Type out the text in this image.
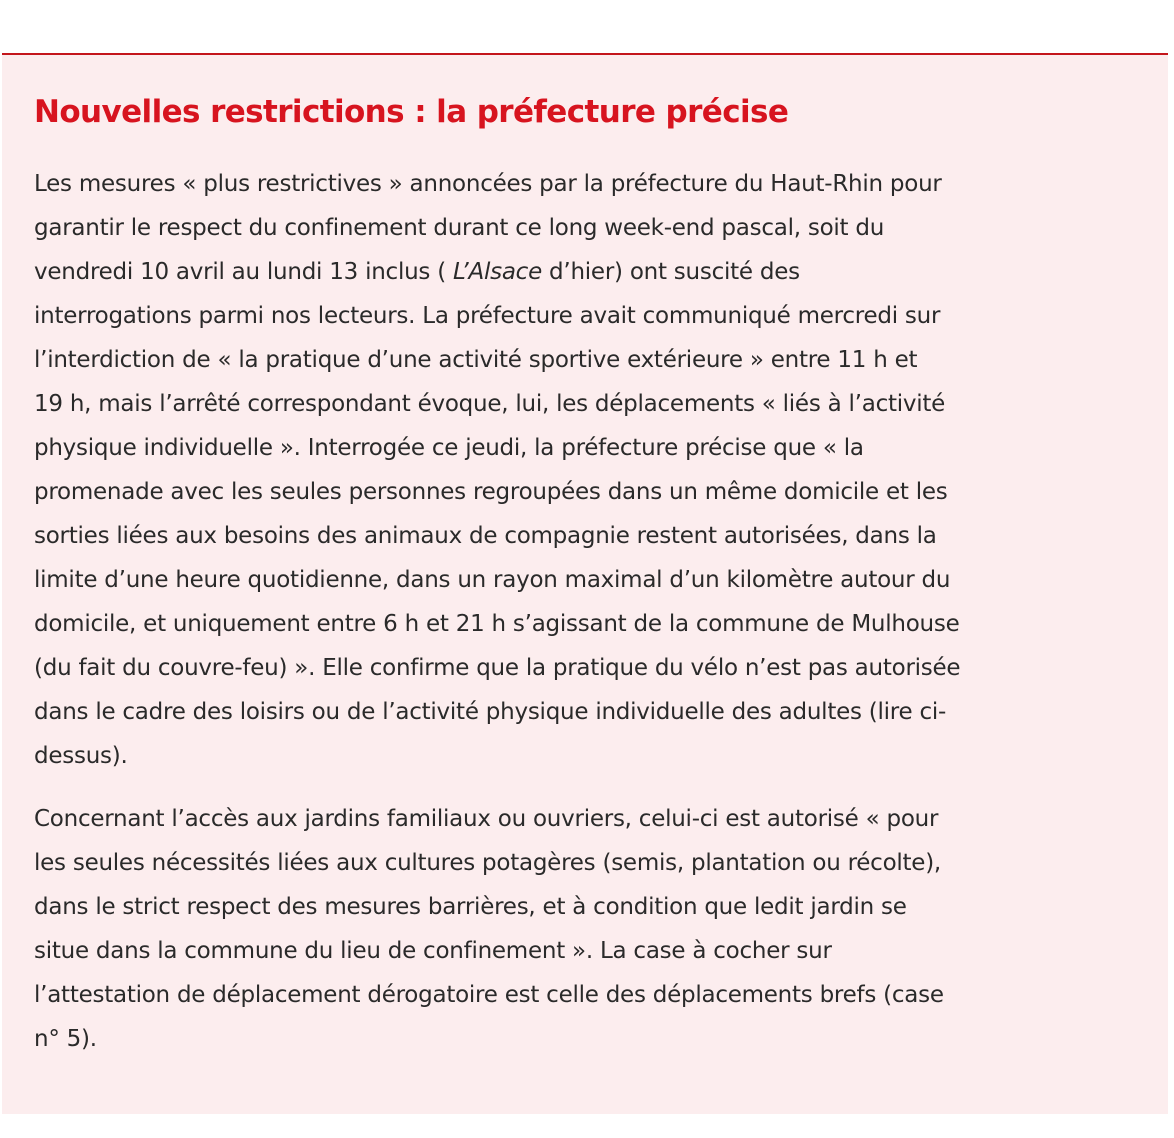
Nouvelles restrictions : la préfecture précise

Les mesures « plus restrictives » annoncées par la préfecture du Haut-Rhin pour
garantir le respect du confinement durant ce long week-end pascal, soit du
vendredi 10 avril au lundi 13 inclus ( L’Alsace d’hier) ont suscité des
interrogations parmi nos lecteurs. La préfecture avait communiqué mercredi sur
l’interdiction de « la pratique d’une activité sportive extérieure » entre 11 h et
19 h, mais l’arrêté correspondant évoque, lui, les déplacements « liés à l’activité
physique individuelle ». Interrogée ce jeudi, la préfecture précise que « la
promenade avec les seules personnes regroupées dans un même domicile et les
sorties liées aux besoins des animaux de compagnie restent autorisées, dans la
limite d’une heure quotidienne, dans un rayon maximal d’un kilomètre autour du
domicile, et uniquement entre 6 h et 21 h s’agissant de la commune de Mulhouse
(du fait du couvre-feu) ». Elle confirme que la pratique du vélo n’est pas autorisée
dans le cadre des loisirs ou de l’activité physique individuelle des adultes (lire ci-
dessus).

Concernant l’accès aux jardins familiaux ou ouvriers, celui-ci est autorisé « pour
les seules nécessités liées aux cultures potagères (semis, plantation ou récolte),
dans le strict respect des mesures barrières, et à condition que ledit jardin se
situe dans la commune du lieu de confinement ». La case à cocher sur
l’attestation de déplacement dérogatoire est celle des déplacements brefs (case
n° 5).
